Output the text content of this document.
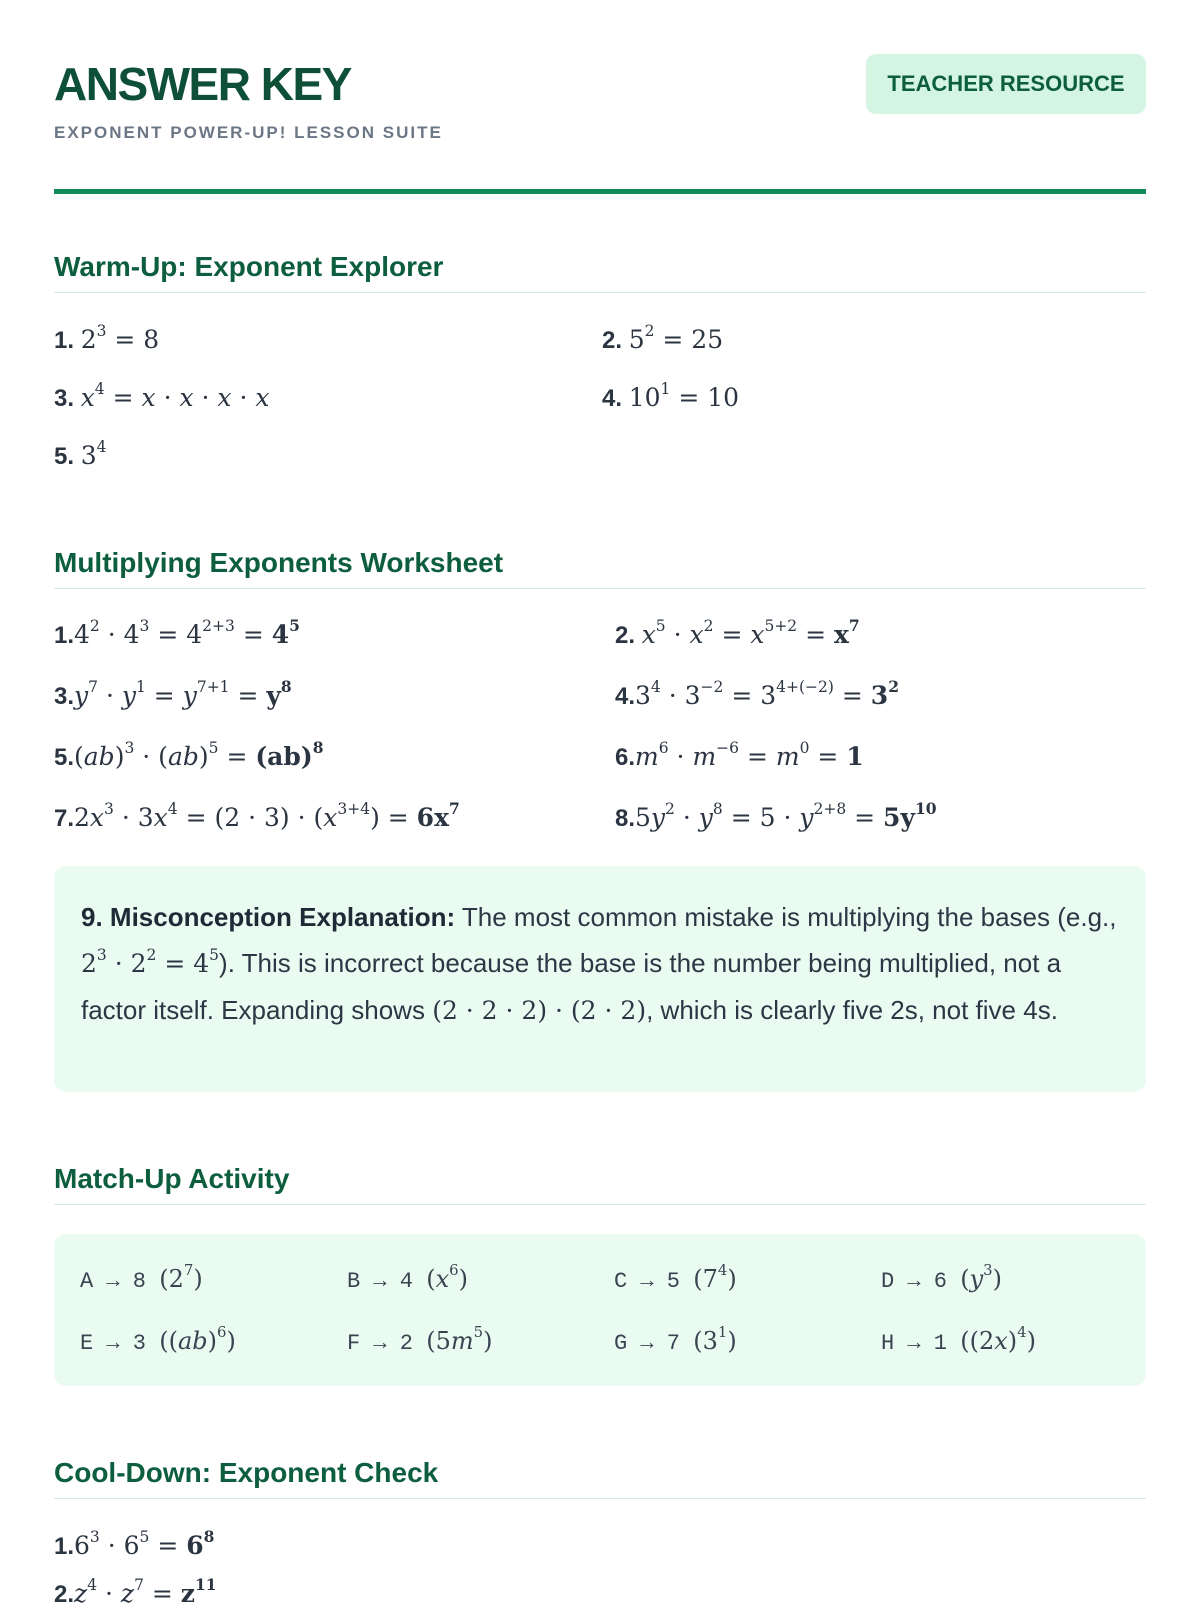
ANSWER KEY
EXPONENT POWER-UP! LESSON SUITE
TEACHER RESOURCE
Warm-Up: Exponent Explorer
1. $2^3 = 8$	2. $5^2 = 25$
3. $x^4 = x \cdot x \cdot x \cdot x$	4. $10^1 = 10$
5. $3^4$
Multiplying Exponents Worksheet
$1.4^2 \cdot 4^3 = 4^{2+3} = 4^5$	2. $x^5 \cdot x^2 = x^{5+2} = x^7$
$3.y^7 \cdot y^1 = y^{7+1} = y^8$	$4.3^4 \cdot 3^{-2} = 3^{4+(-2)} = 3^2$
5.(ab)$^3$ · (ab)$^5$ = (ab)$^8$	$6.m^6 \cdot m^{-6} = m^0 = 1$
$7.2x^3 \cdot 3x^4 = (2 \cdot 3) \cdot (x^{3+4}) = 6x^7$	$8.5y^2 \cdot y^8 = 5 \cdot y^{2+8} = 5y^{10}$
9. Misconception Explanation: The most common mistake is multiplying the bases (e.g., $2^3 \cdot 2^2 = 4^5$). This is incorrect because the base is the number being multiplied, not a factor itself. Expanding shows (2 · 2 · 2) · (2 · 2), which is clearly five 2s, not five 4s.
Match-Up Activity
A → 8 $(2^7)$	B → 4 $(x^6)$	C → 5 $(7^4)$	D → 6 $(y^3)$
E → 3 ((ab)$^6$)	F → 2 $(5m^5)$	G → 7 $(3^1)$	H → 1 $((2x)^4)$
Cool-Down: Exponent Check
$1.6^3 \cdot 6^5 = 6^8$
$2.z^4 \cdot z^7 = z^{11}$
